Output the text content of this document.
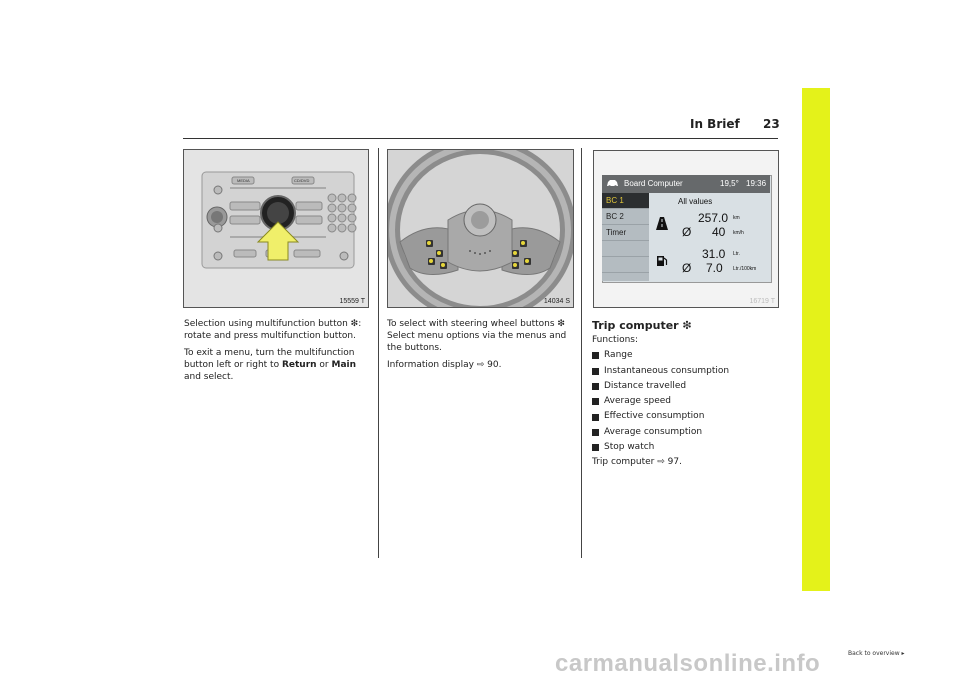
In Brief 23
MEDIA	CD/DVD
15559 T	14034 S
Board Computer	19,5° 19:36
BC 1
BC 2
Timer
All values
257.0 km
Ø 40 km/h
31.0 Ltr.
Ø 7.0 Ltr./100km
16719 T

Selection using multifunction button ❇: rotate and press multifunction button.

To exit a menu, turn the multifunction button left or right to Return or Main and select.

To select with steering wheel buttons ❇ Select menu options via the menus and the buttons.

Information display ⇨ 90.

Trip computer ❇
Functions:
Range
Instantaneous consumption
Distance travelled
Average speed
Effective consumption
Average consumption
Stop watch
Trip computer ⇨ 97.
carmanualsonline.info	Back to overview ▸
